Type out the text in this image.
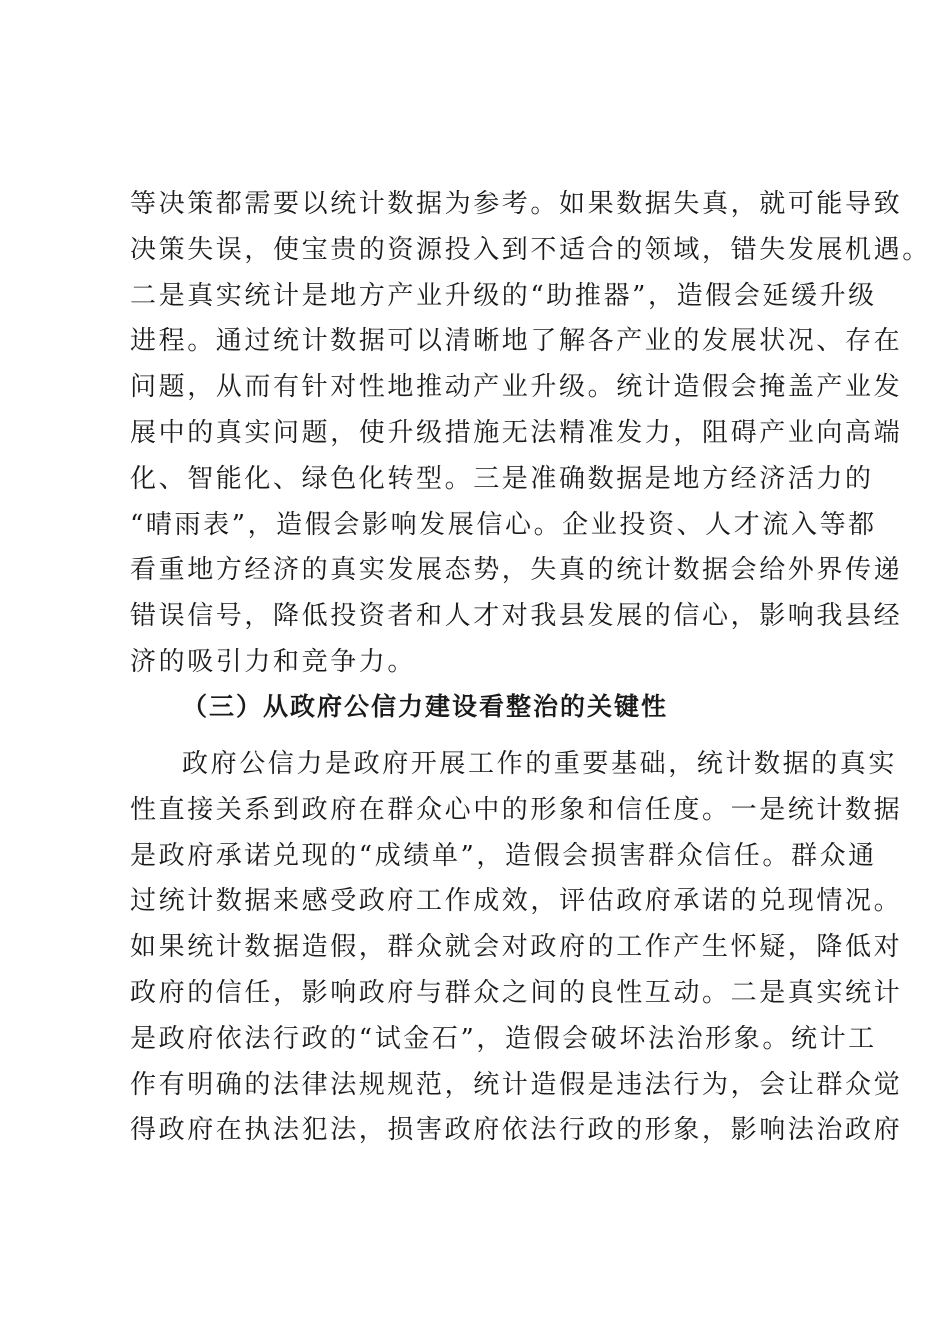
等决策都需要以统计数据为参考。如果数据失真，就可能导致
决策失误，使宝贵的资源投入到不适合的领域，错失发展机遇。
二是真实统计是地方产业升级的“助推器”，造假会延缓升级
进程。通过统计数据可以清晰地了解各产业的发展状况、存在
问题，从而有针对性地推动产业升级。统计造假会掩盖产业发
展中的真实问题，使升级措施无法精准发力，阻碍产业向高端
化、智能化、绿色化转型。三是准确数据是地方经济活力的
“晴雨表”，造假会影响发展信心。企业投资、人才流入等都
看重地方经济的真实发展态势，失真的统计数据会给外界传递
错误信号，降低投资者和人才对我县发展的信心，影响我县经
济的吸引力和竞争力。
（三）从政府公信力建设看整治的关键性
政府公信力是政府开展工作的重要基础，统计数据的真实
性直接关系到政府在群众心中的形象和信任度。一是统计数据
是政府承诺兑现的“成绩单”，造假会损害群众信任。群众通
过统计数据来感受政府工作成效，评估政府承诺的兑现情况。
如果统计数据造假，群众就会对政府的工作产生怀疑，降低对
政府的信任，影响政府与群众之间的良性互动。二是真实统计
是政府依法行政的“试金石”，造假会破坏法治形象。统计工
作有明确的法律法规规范，统计造假是违法行为，会让群众觉
得政府在执法犯法，损害政府依法行政的形象，影响法治政府
